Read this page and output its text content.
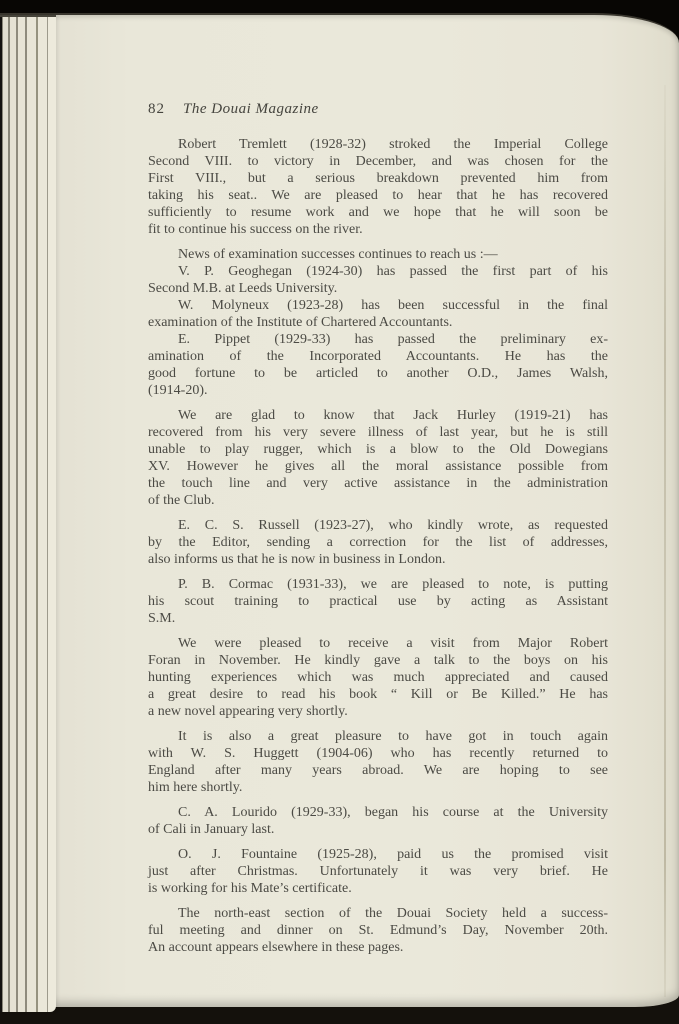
82 The Douai Magazine
Robert Tremlett (1928-32) stroked the Imperial College
Second VIII. to victory in December, and was chosen for the
First VIII., but a serious breakdown prevented him from
taking his seat.. We are pleased to hear that he has recovered
sufficiently to resume work and we hope that he will soon be
fit to continue his success on the river.
News of examination successes continues to reach us :—
V. P. Geoghegan (1924-30) has passed the first part of his
Second M.B. at Leeds University.
W. Molyneux (1923-28) has been successful in the final
examination of the Institute of Chartered Accountants.
E. Pippet (1929-33) has passed the preliminary ex-
amination of the Incorporated Accountants. He has the
good fortune to be articled to another O.D., James Walsh,
(1914-20).
We are glad to know that Jack Hurley (1919-21) has
recovered from his very severe illness of last year, but he is still
unable to play rugger, which is a blow to the Old Dowegians
XV. However he gives all the moral assistance possible from
the touch line and very active assistance in the administration
of the Club.
E. C. S. Russell (1923-27), who kindly wrote, as requested
by the Editor, sending a correction for the list of addresses,
also informs us that he is now in business in London.
P. B. Cormac (1931-33), we are pleased to note, is putting
his scout training to practical use by acting as Assistant
S.M.
We were pleased to receive a visit from Major Robert
Foran in November. He kindly gave a talk to the boys on his
hunting experiences which was much appreciated and caused
a great desire to read his book “ Kill or Be Killed.” He has
a new novel appearing very shortly.
It is also a great pleasure to have got in touch again
with W. S. Huggett (1904-06) who has recently returned to
England after many years abroad. We are hoping to see
him here shortly.
C. A. Lourido (1929-33), began his course at the University
of Cali in January last.
O. J. Fountaine (1925-28), paid us the promised visit
just after Christmas. Unfortunately it was very brief. He
is working for his Mate’s certificate.
The north-east section of the Douai Society held a success-
ful meeting and dinner on St. Edmund’s Day, November 20th.
An account appears elsewhere in these pages.
